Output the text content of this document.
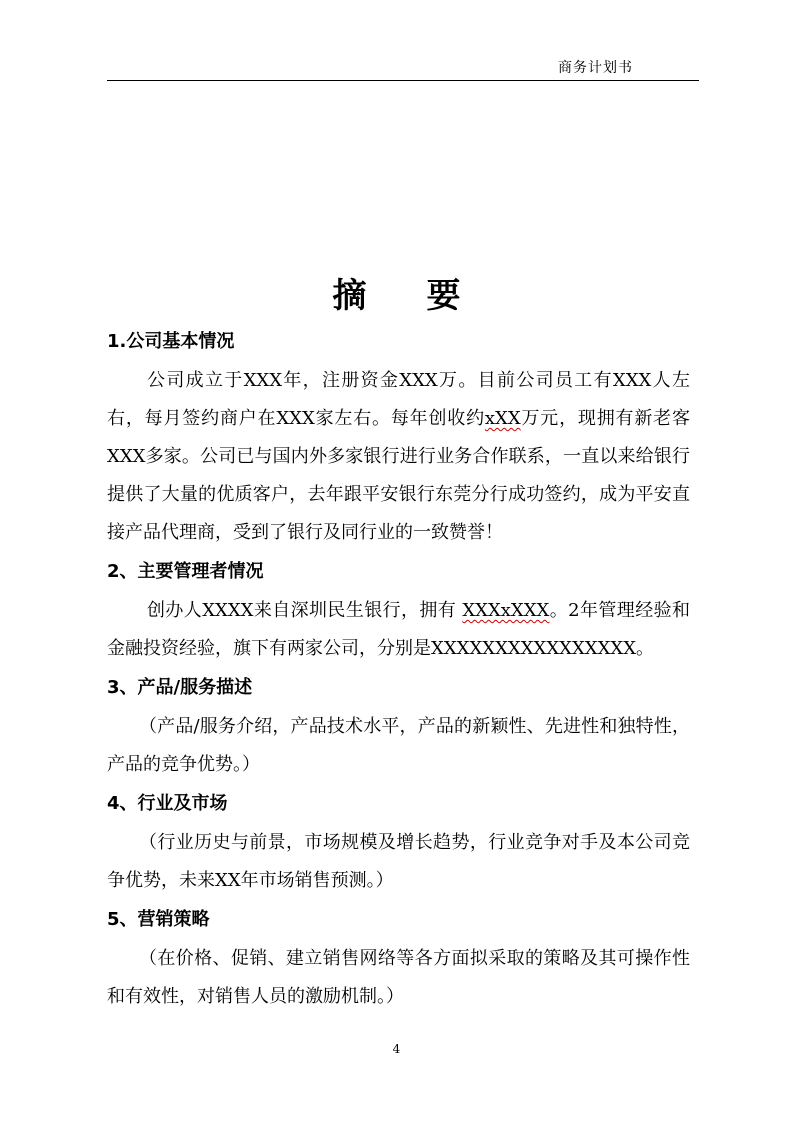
商务计划书
摘要
1.公司基本情况

公司成立于XXX年，注册资金XXX万。目前公司员工有XXX人左右，每月签约商户在XXX家左右。每年创收约xXX万元，现拥有新老客XXX多家。公司已与国内外多家银行进行业务合作联系，一直以来给银行提供了大量的优质客户，去年跟平安银行东莞分行成功签约，成为平安直接产品代理商，受到了银行及同行业的一致赞誉！

2、主要管理者情况

创办人XXXX来自深圳民生银行，拥有 XXXxXXX。2年管理经验和金融投资经验，旗下有两家公司，分别是XXXXXXXXXXXXXXXX。

3、产品/服务描述

（产品/服务介绍，产品技术水平，产品的新颖性、先进性和独特性，产品的竞争优势。）

4、行业及市场

（行业历史与前景，市场规模及增长趋势，行业竞争对手及本公司竞争优势，未来XX年市场销售预测。）

5、营销策略

（在价格、促销、建立销售网络等各方面拟采取的策略及其可操作性和有效性，对销售人员的激励机制。）

4
